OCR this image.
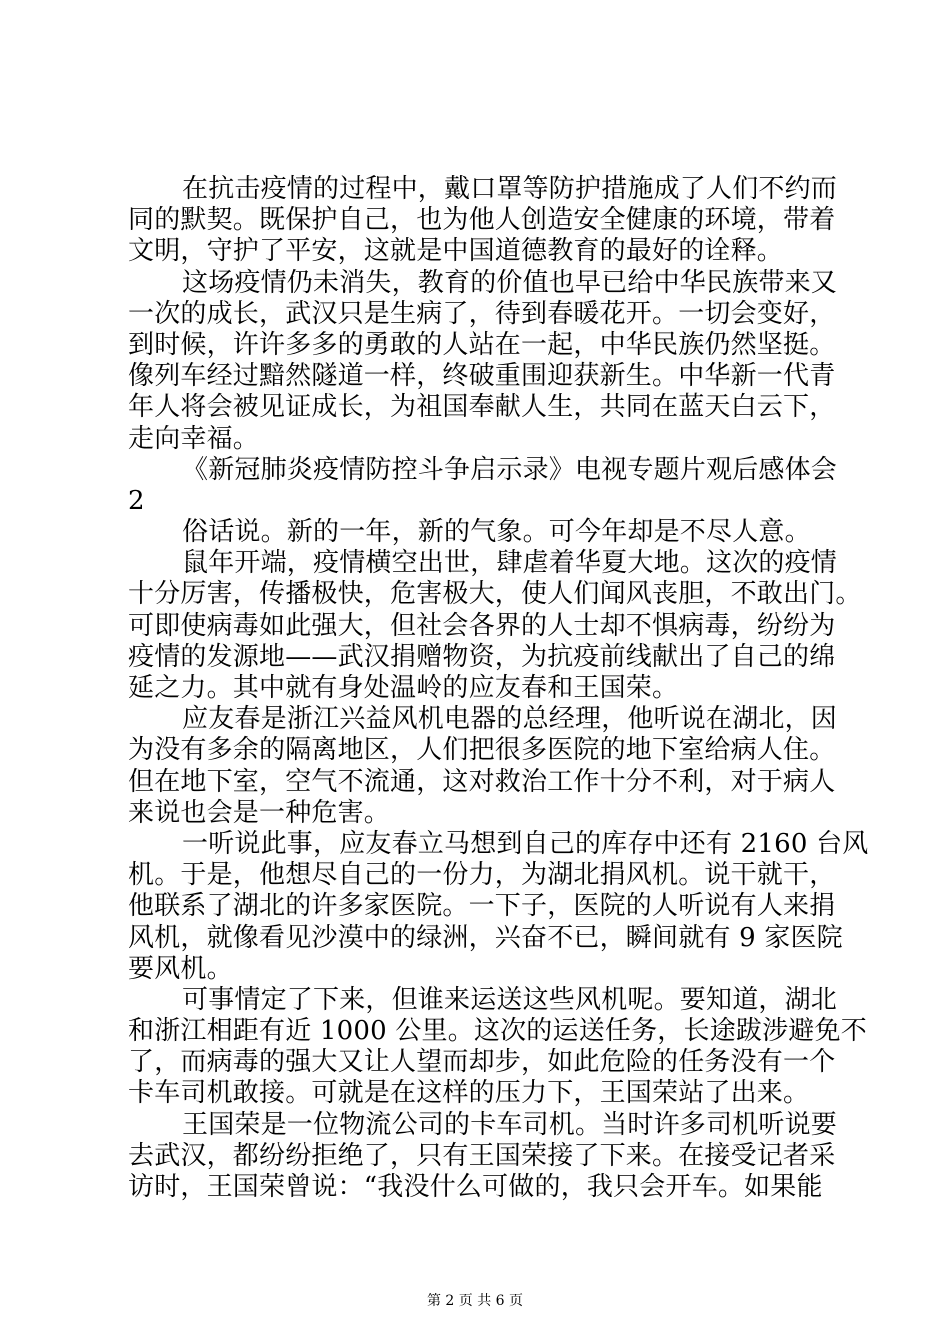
在抗击疫情的过程中，戴口罩等防护措施成了人们不约而
同的默契。既保护自己，也为他人创造安全健康的环境，带着
文明，守护了平安，这就是中国道德教育的最好的诠释。
这场疫情仍未消失，教育的价值也早已给中华民族带来又
一次的成长，武汉只是生病了，待到春暖花开。一切会变好，
到时候，许许多多的勇敢的人站在一起，中华民族仍然坚挺。
像列车经过黯然隧道一样，终破重围迎获新生。中华新一代青
年人将会被见证成长，为祖国奉献人生，共同在蓝天白云下，
走向幸福。
《新冠肺炎疫情防控斗争启示录》电视专题片观后感体会
2
俗话说。新的一年，新的气象。可今年却是不尽人意。
鼠年开端，疫情横空出世，肆虐着华夏大地。这次的疫情
十分厉害，传播极快，危害极大，使人们闻风丧胆，不敢出门。
可即使病毒如此强大，但社会各界的人士却不惧病毒，纷纷为
疫情的发源地——武汉捐赠物资，为抗疫前线献出了自己的绵
延之力。其中就有身处温岭的应友春和王国荣。
应友春是浙江兴益风机电器的总经理，他听说在湖北，因
为没有多余的隔离地区，人们把很多医院的地下室给病人住。
但在地下室，空气不流通，这对救治工作十分不利，对于病人
来说也会是一种危害。
一听说此事，应友春立马想到自己的库存中还有 2160 台风
机。于是，他想尽自己的一份力，为湖北捐风机。说干就干，
他联系了湖北的许多家医院。一下子，医院的人听说有人来捐
风机，就像看见沙漠中的绿洲，兴奋不已，瞬间就有 9 家医院
要风机。
可事情定了下来，但谁来运送这些风机呢。要知道，湖北
和浙江相距有近 1000 公里。这次的运送任务，长途跋涉避免不
了，而病毒的强大又让人望而却步，如此危险的任务没有一个
卡车司机敢接。可就是在这样的压力下，王国荣站了出来。
王国荣是一位物流公司的卡车司机。当时许多司机听说要
去武汉，都纷纷拒绝了，只有王国荣接了下来。在接受记者采
访时，王国荣曾说：“我没什么可做的，我只会开车。如果能
第 2 页 共 6 页
